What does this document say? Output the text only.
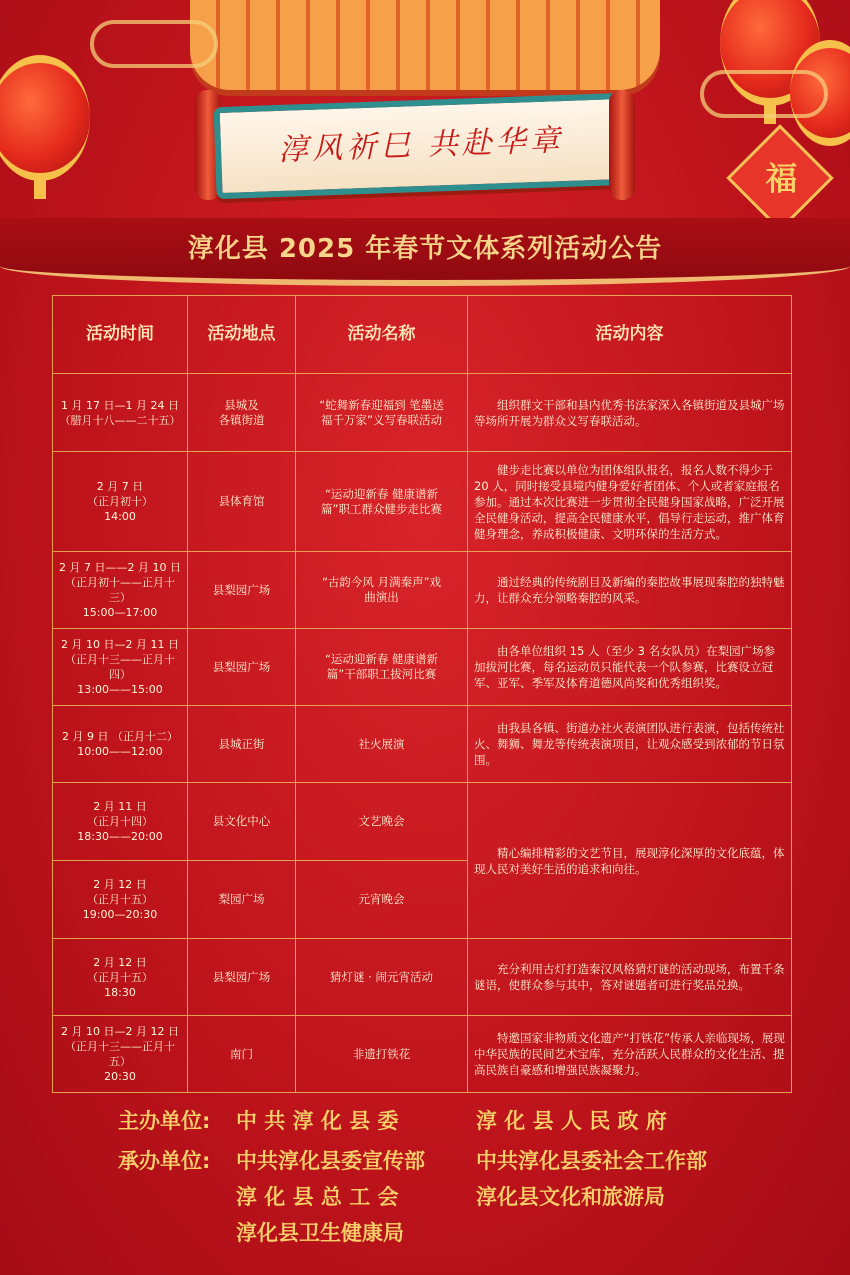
淳风祈巳 共赴华章
福
淳化县 2025 年春节文体系列活动公告
活动时间	活动地点	活动名称	活动内容

1 月 17 日—1 月 24 日
（腊月十八——二十五）	县城及
各镇街道	“蛇舞新春迎福到 笔墨送
福千万家”义写春联活动	组织群文干部和县内优秀书法家深入各镇街道及县城广场等场所开展为群众义写春联活动。

2 月 7 日
（正月初十）
14:00	县体育馆	“运动迎新春 健康谱新
篇”职工群众健步走比赛	健步走比赛以单位为团体组队报名，报名人数不得少于 20 人，同时接受县境内健身爱好者团体、个人或者家庭报名参加。通过本次比赛进一步贯彻全民健身国家战略，广泛开展全民健身活动，提高全民健康水平，倡导行走运动，推广体育健身理念，养成积极健康、文明环保的生活方式。

2 月 7 日——2 月 10 日
（正月初十——正月十三）
15:00—17:00	县梨园广场	“古韵今风 月满秦声”戏
曲演出	通过经典的传统剧目及新编的秦腔故事展现秦腔的独特魅力，让群众充分领略秦腔的风采。

2 月 10 日—2 月 11 日
（正月十三——正月十四）
13:00——15:00	县梨园广场	“运动迎新春 健康谱新
篇”干部职工拔河比赛	由各单位组织 15 人（至少 3 名女队员）在梨园广场参加拔河比赛，每名运动员只能代表一个队参赛，比赛设立冠军、亚军、季军及体育道德风尚奖和优秀组织奖。

2 月 9 日 （正月十二）
10:00——12:00	县城正街	社火展演	由我县各镇、街道办社火表演团队进行表演，包括传统社火、舞狮、舞龙等传统表演项目，让观众感受到浓郁的节日氛围。

2 月 11 日
（正月十四）
18:30——20:00	县文化中心	文艺晚会	精心编排精彩的文艺节目，展现淳化深厚的文化底蕴，体现人民对美好生活的追求和向往。

2 月 12 日
（正月十五）
19:00—20:30	梨园广场	元宵晚会	

2 月 12 日
（正月十五）
18:30	县梨园广场	猜灯谜 · 闹元宵活动	充分利用古灯打造秦汉风格猜灯谜的活动现场，布置千条谜语，使群众参与其中，答对谜题者可进行奖品兑换。

2 月 10 日—2 月 12 日
（正月十三——正月十五）
20:30	南门	非遗打铁花	特邀国家非物质文化遗产“打铁花”传承人亲临现场，展现中华民族的民间艺术宝库，充分活跃人民群众的文化生活、提高民族自豪感和增强民族凝聚力。
主办单位: 中 共 淳 化 县 委	淳 化 县 人 民 政 府
承办单位: 中共淳化县委宣传部 中共淳化县委社会工作部
淳 化 县 总 工 会	淳化县文化和旅游局
淳化县卫生健康局
